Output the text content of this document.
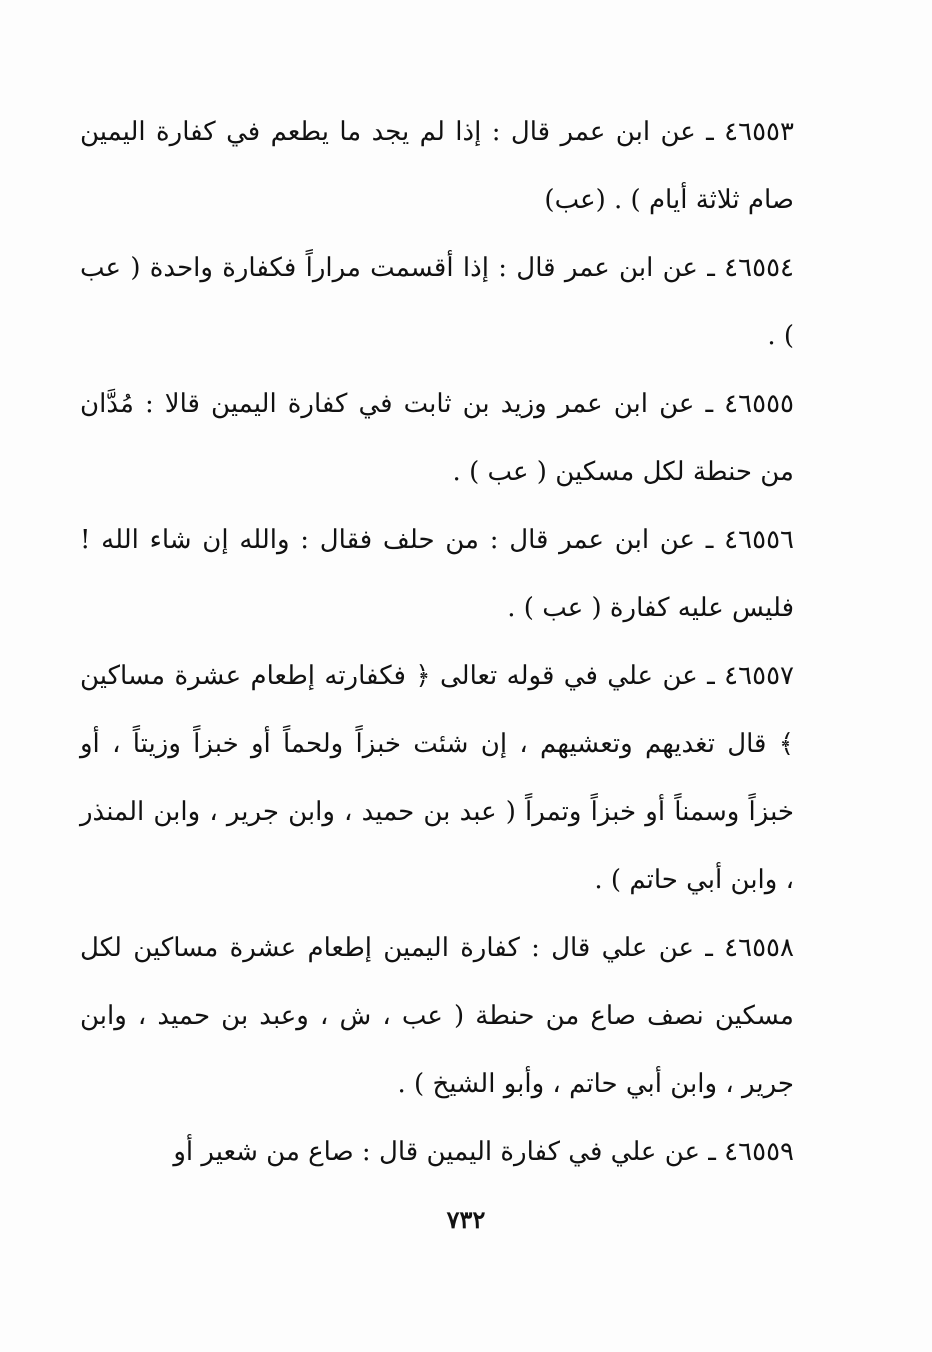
٤٦٥٥٣ ـ عن ابن عمر قال : إذا لم يجد ما يطعم في كفارة اليمين صام ثلاثة أيام ) . (عب)

٤٦٥٥٤ ـ عن ابن عمر قال : إذا أقسمت مراراً فكفارة واحدة ( عب ) .

٤٦٥٥٥ ـ عن ابن عمر وزيد بن ثابت في كفارة اليمين قالا : مُدَّان من حنطة لكل مسكين ( عب ) .

٤٦٥٥٦ ـ عن ابن عمر قال : من حلف فقال : والله إن شاء الله ! فليس عليه كفارة ( عب ) .

٤٦٥٥٧ ـ عن علي في قوله تعالى ﴿ فكفارته إطعام عشرة مساكين ﴾ قال تغديهم وتعشيهم ، إن شئت خبزاً ولحماً أو خبزاً وزيتاً ، أو خبزاً وسمناً أو خبزاً وتمراً ( عبد بن حميد ، وابن جرير ، وابن المنذر ، وابن أبي حاتم ) .

٤٦٥٥٨ ـ عن علي قال : كفارة اليمين إطعام عشرة مساكين لكل مسكين نصف صاع من حنطة ( عب ، ش ، وعبد بن حميد ، وابن جرير ، وابن أبي حاتم ، وأبو الشيخ ) .

٤٦٥٥٩ ـ عن علي في كفارة اليمين قال : صاع من شعير أو

٧٣٢
